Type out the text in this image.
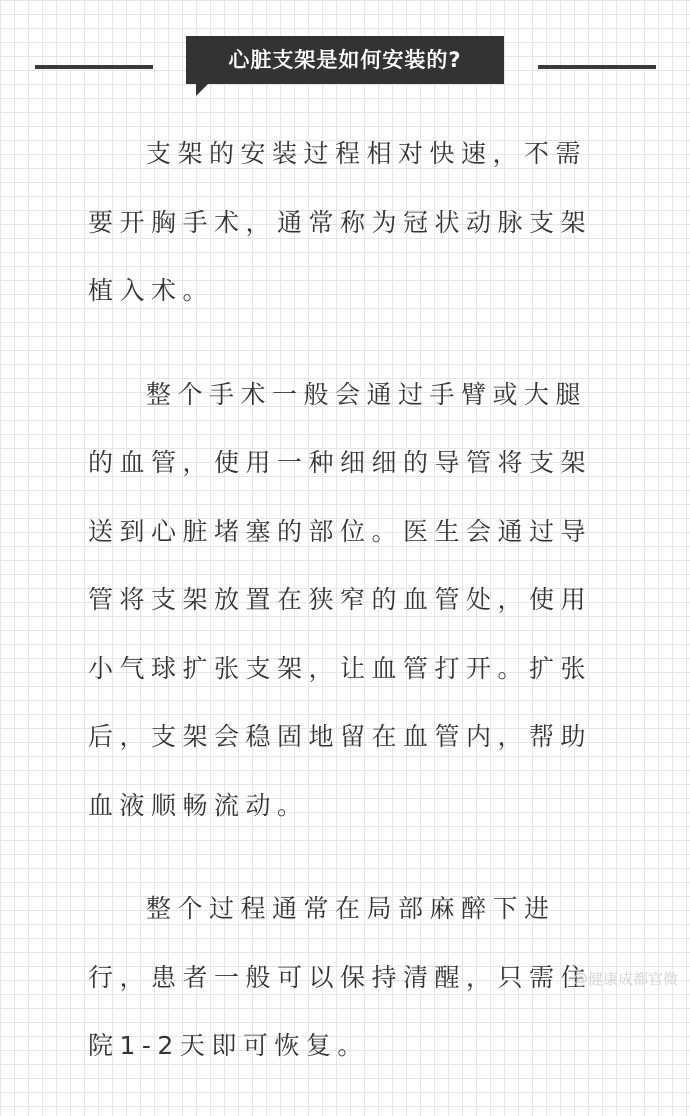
心脏支架是如何安装的?

支架的安装过程相对快速，不需要开胸手术，通常称为冠状动脉支架植入术。

整个手术一般会通过手臂或大腿的血管，使用一种细细的导管将支架送到心脏堵塞的部位。医生会通过导管将支架放置在狭窄的血管处，使用小气球扩张支架，让血管打开。扩张后，支架会稳固地留在血管内，帮助血液顺畅流动。

整个过程通常在局部麻醉下进行，患者一般可以保持清醒，只需住院1-2天即可恢复。

@健康成都官微
